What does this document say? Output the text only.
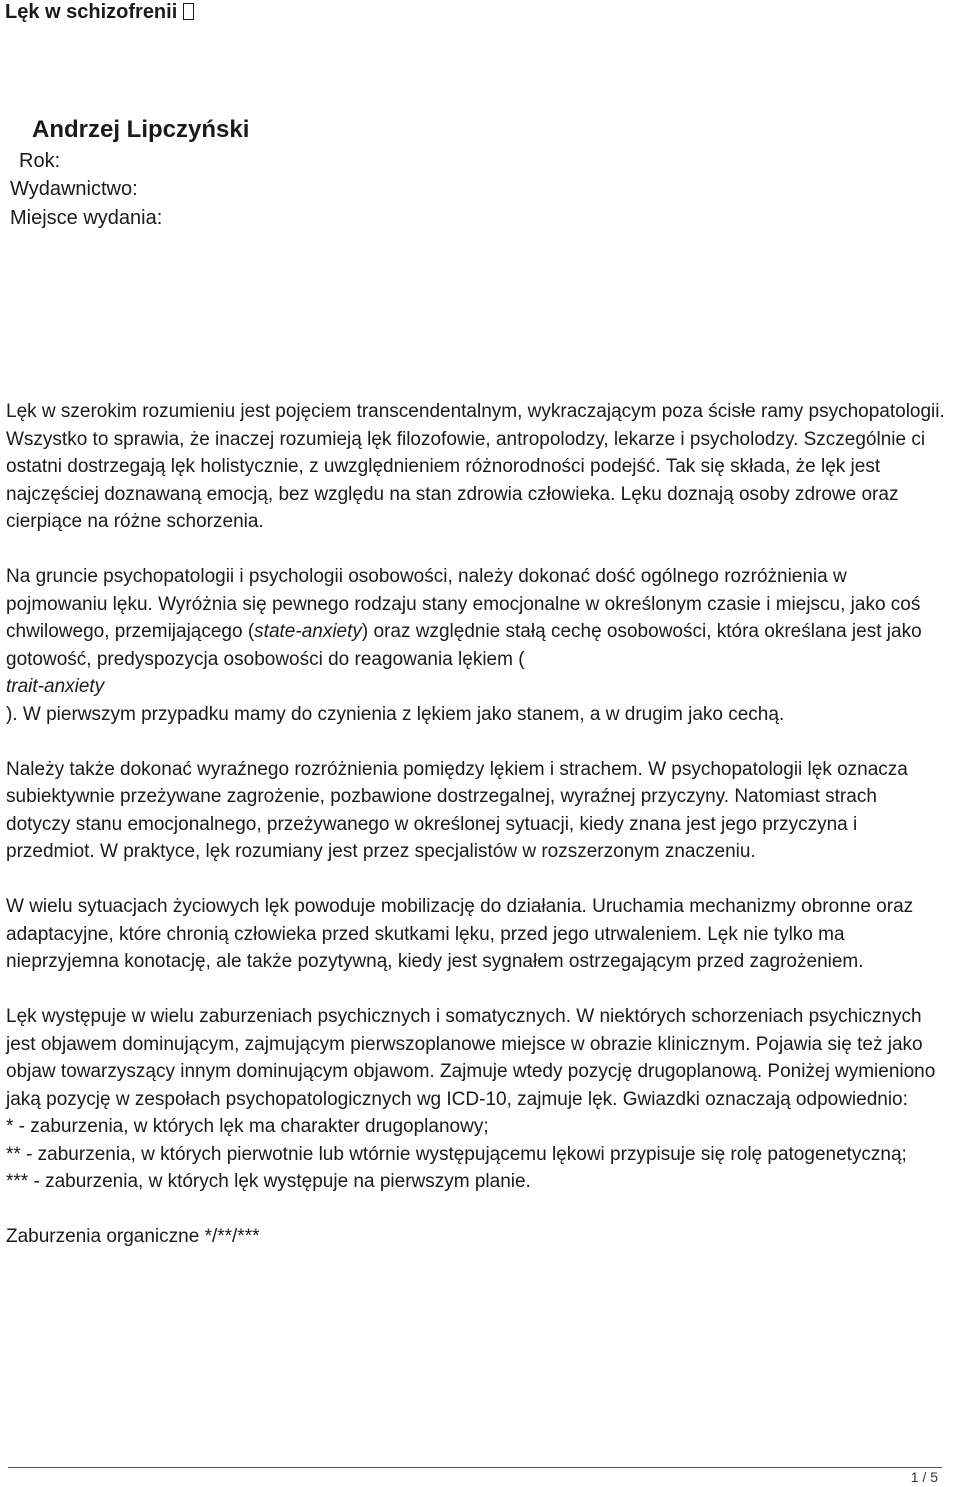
Lęk w schizofrenii
Andrzej Lipczyński
Rok:
Wydawnictwo:
Miejsce wydania:

Lęk w szerokim rozumieniu jest pojęciem transcendentalnym, wykraczającym poza ścisłe ramy psychopatologii. Wszystko to sprawia, że inaczej rozumieją lęk filozofowie, antropolodzy, lekarze i psycholodzy. Szczególnie ci ostatni dostrzegają lęk holistycznie, z uwzględnieniem różnorodności podejść. Tak się składa, że lęk jest najczęściej doznawaną emocją, bez względu na stan zdrowia człowieka. Lęku doznają osoby zdrowe oraz cierpiące na różne schorzenia.

Na gruncie psychopatologii i psychologii osobowości, należy dokonać dość ogólnego rozróżnienia w pojmowaniu lęku. Wyróżnia się pewnego rodzaju stany emocjonalne w określonym czasie i miejscu, jako coś chwilowego, przemijającego (state-anxiety) oraz względnie stałą cechę osobowości, która określana jest jako gotowość, predyspozycja osobowości do reagowania lękiem (
trait-anxiety
). W pierwszym przypadku mamy do czynienia z lękiem jako stanem, a w drugim jako cechą.

Należy także dokonać wyraźnego rozróżnienia pomiędzy lękiem i strachem. W psychopatologii lęk oznacza subiektywnie przeżywane zagrożenie, pozbawione dostrzegalnej, wyraźnej przyczyny. Natomiast strach dotyczy stanu emocjonalnego, przeżywanego w określonej sytuacji, kiedy znana jest jego przyczyna i przedmiot. W praktyce, lęk rozumiany jest przez specjalistów w rozszerzonym znaczeniu.

W wielu sytuacjach życiowych lęk powoduje mobilizację do działania. Uruchamia mechanizmy obronne oraz adaptacyjne, które chronią człowieka przed skutkami lęku, przed jego utrwaleniem. Lęk nie tylko ma nieprzyjemna konotację, ale także pozytywną, kiedy jest sygnałem ostrzegającym przed zagrożeniem.

Lęk występuje w wielu zaburzeniach psychicznych i somatycznych. W niektórych schorzeniach psychicznych jest objawem dominującym, zajmującym pierwszoplanowe miejsce w obrazie klinicznym. Pojawia się też jako objaw towarzyszący innym dominującym objawom. Zajmuje wtedy pozycję drugoplanową. Poniżej wymieniono jaką pozycję w zespołach psychopatologicznych wg ICD-10, zajmuje lęk. Gwiazdki oznaczają odpowiednio:

* - zaburzenia, w których lęk ma charakter drugoplanowy;

** - zaburzenia, w których pierwotnie lub wtórnie występującemu lękowi przypisuje się rolę patogenetyczną;

*** - zaburzenia, w których lęk występuje na pierwszym planie.

Zaburzenia organiczne */**/***

1 / 5
